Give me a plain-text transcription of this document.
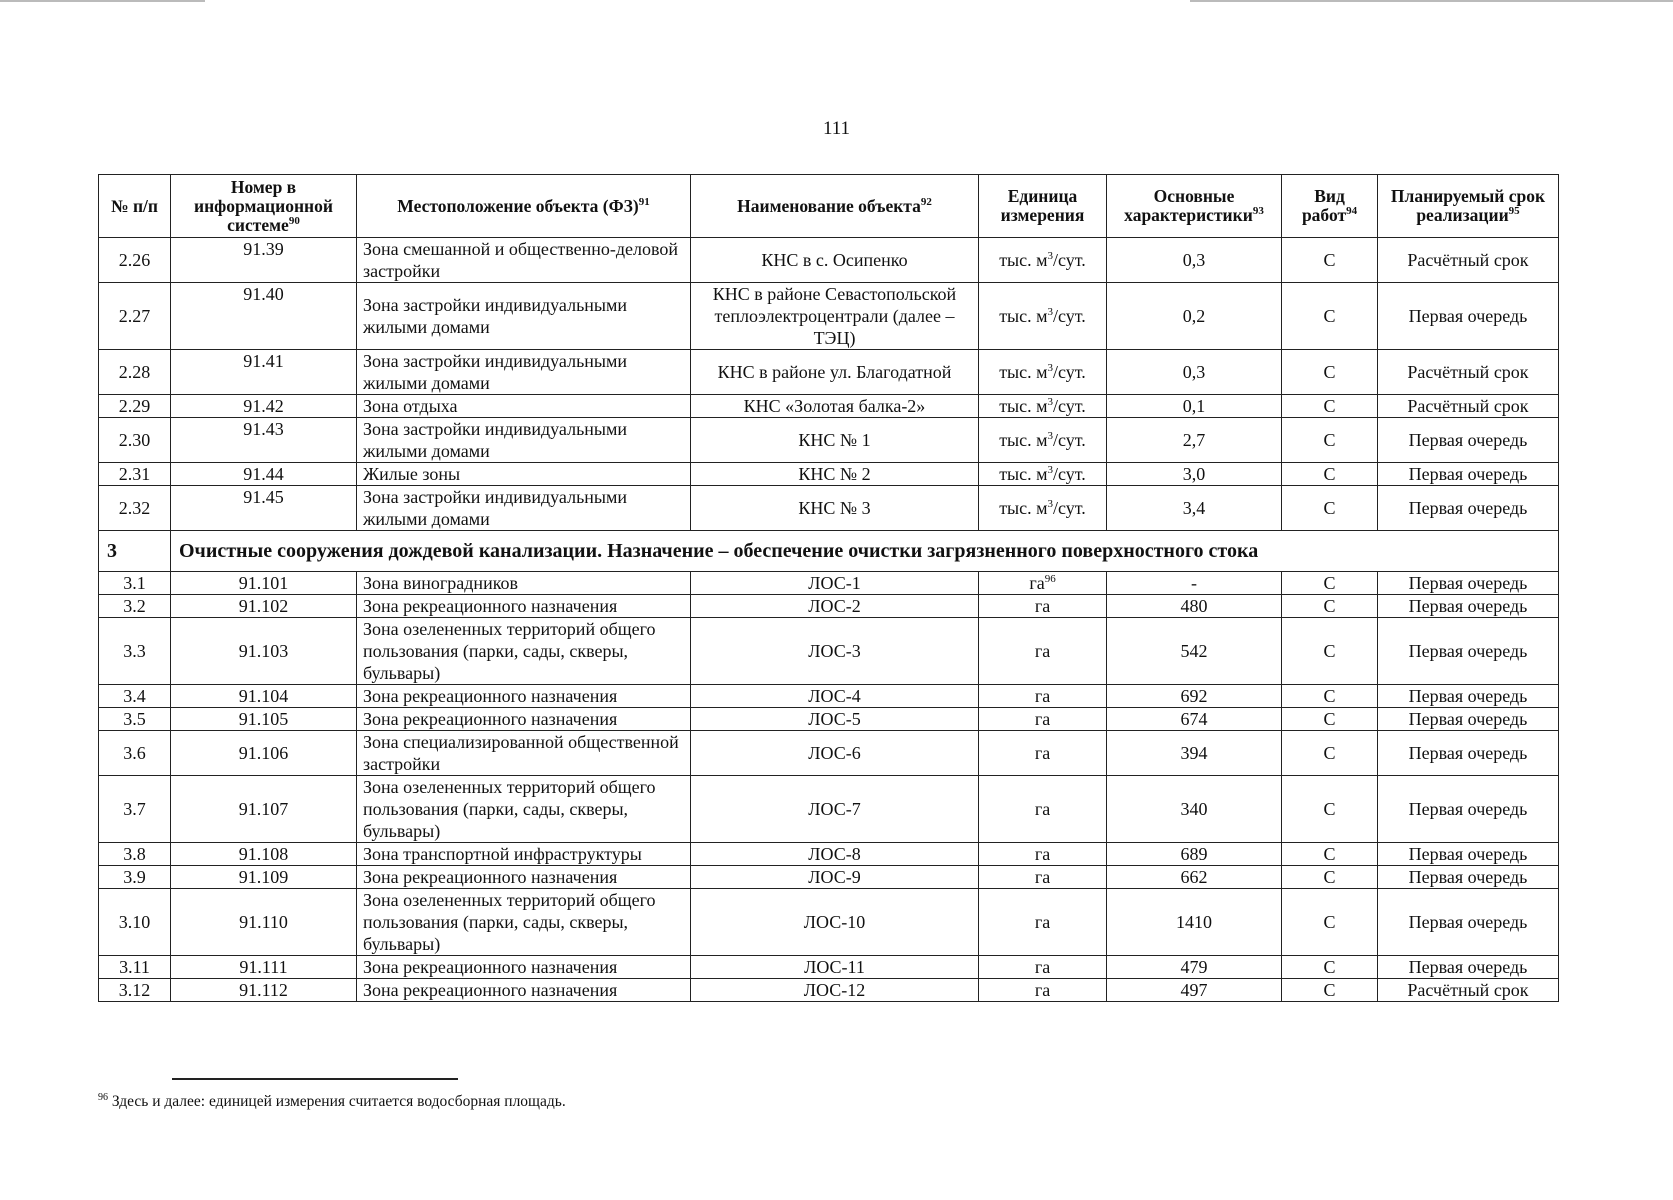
111
№ п/п	Номер в информационной системе$^{90}$	Местоположение объекта (ФЗ)$^{91}$	Наименование объекта$^{92}$	Единица измерения	Основные характеристики$^{93}$	Вид работ$^{94}$	Планируемый срок реализации$^{95}$
2.26	91.39	Зона смешанной и общественно-деловой застройки	КНС в с. Осипенко	тыс. $м^3$/сут.	0,3	С	Расчётный срок
2.27	91.40	Зона застройки индивидуальными жилыми домами	КНС в районе Севастопольской теплоэлектроцентрали (далее –ТЭЦ)	тыс. $м^3$/сут.	0,2	С	Первая очередь
2.28	91.41	Зона застройки индивидуальными жилыми домами	КНС в районе ул. Благодатной	тыс. $м^3$/сут.	0,3	С	Расчётный срок
2.29	91.42	Зона отдыха	КНС «Золотая балка-2»	тыс. $м^3$/сут.	0,1	С	Расчётный срок
2.30	91.43	Зона застройки индивидуальными жилыми домами	КНС № 1	тыс. $м^3$/сут.	2,7	С	Первая очередь
2.31	91.44	Жилые зоны	КНС № 2	тыс. $м^3$/сут.	3,0	С	Первая очередь
2.32	91.45	Зона застройки индивидуальными жилыми домами	КНС № 3	тыс. $м^3$/сут.	3,4	С	Первая очередь
3	Очистные сооружения дождевой канализации. Назначение – обеспечение очистки загрязненного поверхностного стока						
3.1	91.101	Зона виноградников	ЛОС-1	$га^{96}$	-	С	Первая очередь
3.2	91.102	Зона рекреационного назначения	ЛОС-2	га	480	С	Первая очередь
3.3	91.103	Зона озелененных территорий общего пользования (парки, сады, скверы, бульвары)	ЛОС-3	га	542	С	Первая очередь
3.4	91.104	Зона рекреационного назначения	ЛОС-4	га	692	С	Первая очередь
3.5	91.105	Зона рекреационного назначения	ЛОС-5	га	674	С	Первая очередь
3.6	91.106	Зона специализированной общественной застройки	ЛОС-6	га	394	С	Первая очередь
3.7	91.107	Зона озелененных территорий общего пользования (парки, сады, скверы, бульвары)	ЛОС-7	га	340	С	Первая очередь
3.8	91.108	Зона транспортной инфраструктуры	ЛОС-8	га	689	С	Первая очередь
3.9	91.109	Зона рекреационного назначения	ЛОС-9	га	662	С	Первая очередь
3.10	91.110	Зона озелененных территорий общего пользования (парки, сады, скверы, бульвары)	ЛОС-10	га	1410	С	Первая очередь
3.11	91.111	Зона рекреационного назначения	ЛОС-11	га	479	С	Первая очередь
3.12	91.112	Зона рекреационного назначения	ЛОС-12	га	497	С	Расчётный срок
$^{96}$ Здесь и далее: единицей измерения считается водосборная площадь.
